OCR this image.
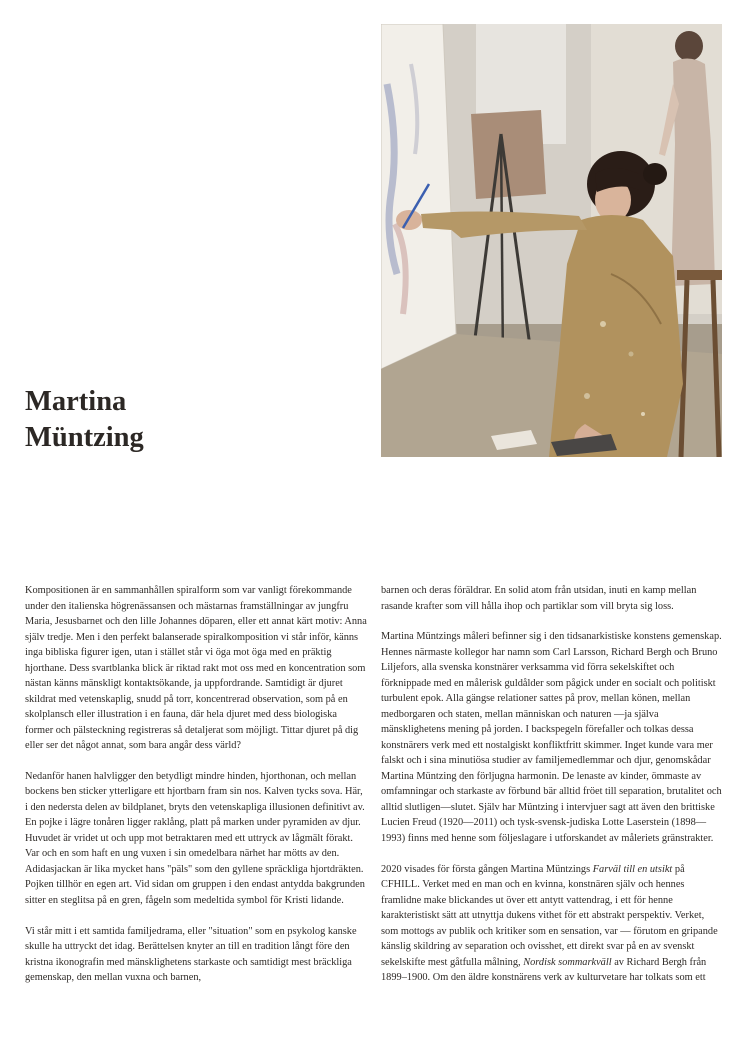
Martina
Müntzing

Kompositionen är en sammanhållen spiralform som var vanligt förekommande under den italienska högrenässansen och mästarnas framställningar av jungfru Maria, Jesusbarnet och den lille Johannes döparen, eller ett annat kärt motiv: Anna själv tredje. Men i den perfekt balanserade spiralkomposition vi står inför, känns inga bibliska figurer igen, utan i stället står vi öga mot öga med en präktig hjorthane. Dess svartblanka blick är riktad rakt mot oss med en koncentration som nästan känns mänskligt kontaktsökande, ja uppfordrande. Samtidigt är djuret skildrat med vetenskaplig, snudd på torr, koncentrerad observation, som på en skolplansch eller illustration i en fauna, där hela djuret med dess biologiska former och pälsteckning registreras så detaljerat som möjligt. Tittar djuret på dig eller ser det något annat, som bara angår dess värld?

Nedanför hanen halvligger den betydligt mindre hinden, hjorthonan, och mellan bockens ben sticker ytterligare ett hjortbarn fram sin nos. Kalven tycks sova. Här, i den nedersta delen av bildplanet, bryts den vetenskapliga illusionen definitivt av. En pojke i lägre tonåren ligger raklång, platt på marken under pyramiden av djur. Huvudet är vridet ut och upp mot betraktaren med ett uttryck av lågmält förakt. Var och en som haft en ung vuxen i sin omedelbara närhet har mötts av den. Adidasjackan är lika mycket hans "päls" som den gyllene spräckliga hjortdräkten. Pojken tillhör en egen art. Vid sidan om gruppen i den endast antydda bakgrunden sitter en steglitsa på en gren, fågeln som medeltida symbol för Kristi lidande.

Vi står mitt i ett samtida familjedrama, eller "situation" som en psykolog kanske skulle ha uttryckt det idag. Berättelsen knyter an till en tradition långt före den kristna ikonografin med mänsklighetens starkaste och samtidigt mest bräckliga gemenskap, den mellan vuxna och barnen,

barnen och deras föräldrar. En solid atom från utsidan, inuti en kamp mellan rasande krafter som vill hålla ihop och partiklar som vill bryta sig loss.

Martina Müntzings måleri befinner sig i den tidsanarkistiske konstens gemenskap. Hennes närmaste kollegor har namn som Carl Larsson, Richard Bergh och Bruno Liljefors, alla svenska konstnärer verksamma vid förra sekelskiftet och förknippade med en målerisk guldålder som pågick under en socialt och politiskt turbulent epok. Alla gängse relationer sattes på prov, mellan könen, mellan medborgaren och staten, mellan människan och naturen —ja själva mänsklighetens mening på jorden. I backspegeln förefaller och tolkas dessa konstnärers verk med ett nostalgiskt konfliktfritt skimmer. Inget kunde vara mer falskt och i sina minutiösa studier av familjemedlemmar och djur, genomskådar Martina Müntzing den förljugna harmonin. De lenaste av kinder, ömmaste av omfamningar och starkaste av förbund bär alltid fröet till separation, brutalitet och alltid slutligen—slutet. Själv har Müntzing i intervjuer sagt att även den brittiske Lucien Freud (1920—2011) och tysk-svensk-judiska Lotte Laserstein (1898—1993) finns med henne som följeslagare i utforskandet av måleriets gränstrakter.

2020 visades för första gången Martina Müntzings Farväl till en utsikt på CFHILL. Verket med en man och en kvinna, konstnären själv och hennes framlidne make blickandes ut över ett antytt vattendrag, i ett för henne karakteristiskt sätt att utnyttja dukens vithet för ett abstrakt perspektiv. Verket, som mottogs av publik och kritiker som en sensation, var — förutom en gripande känslig skildring av separation och ovisshet, ett direkt svar på en av svenskt sekelskifte mest gåtfulla målning, Nordisk sommarkväll av Richard Bergh från 1899–1900. Om den äldre konstnärens verk av kulturvetare har tolkats som ett
